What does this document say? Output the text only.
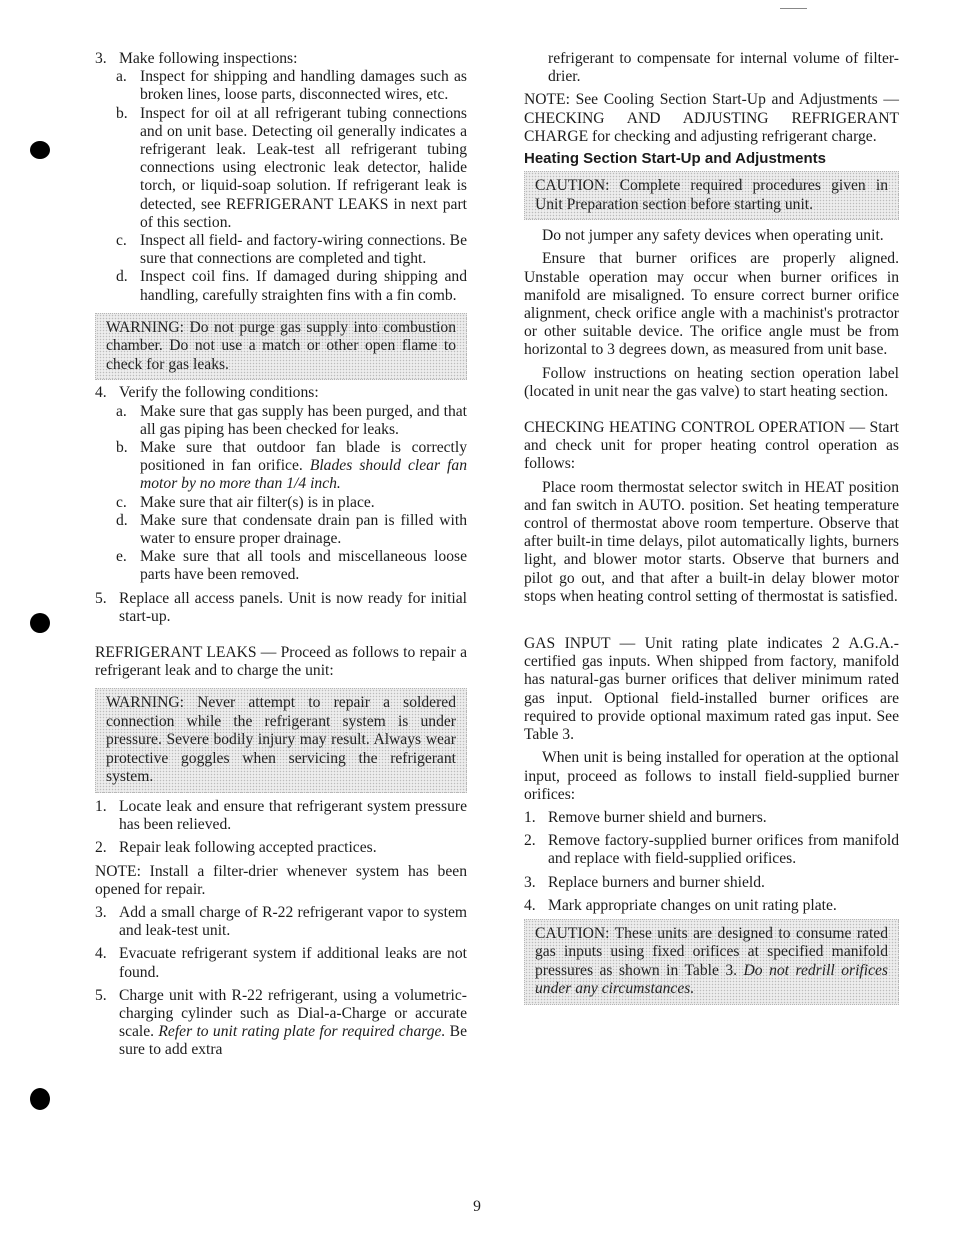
3. Make following inspections:
a. Inspect for shipping and handling damages such as broken lines, loose parts, disconnected wires, etc.
b. Inspect for oil at all refrigerant tubing connections and on unit base. Detecting oil generally indicates a refrigerant leak. Leak-test all refrigerant tubing connections using electronic leak detector, halide torch, or liquid-soap solution. If refrigerant leak is detected, see REFRIGERANT LEAKS in next part of this section.
c. Inspect all field- and factory-wiring connections. Be sure that connections are completed and tight.
d. Inspect coil fins. If damaged during shipping and handling, carefully straighten fins with a fin comb.
WARNING: Do not purge gas supply into combustion chamber. Do not use a match or other open flame to check for gas leaks.
4. Verify the following conditions:
a. Make sure that gas supply has been purged, and that all gas piping has been checked for leaks.
b. Make sure that outdoor fan blade is correctly positioned in fan orifice. Blades should clear fan motor by no more than 1/4 inch.
c. Make sure that air filter(s) is in place.
d. Make sure that condensate drain pan is filled with water to ensure proper drainage.
e. Make sure that all tools and miscellaneous loose parts have been removed.
5. Replace all access panels. Unit is now ready for initial start-up.

REFRIGERANT LEAKS — Proceed as follows to repair a refrigerant leak and to charge the unit:

WARNING: Never attempt to repair a soldered connection while the refrigerant system is under pressure. Severe bodily injury may result. Always wear protective goggles when servicing the refrigerant system.
1. Locate leak and ensure that refrigerant system pressure has been relieved.
2. Repair leak following accepted practices.

NOTE: Install a filter-drier whenever system has been opened for repair.

3. Add a small charge of R-22 refrigerant vapor to system and leak-test unit.
4. Evacuate refrigerant system if additional leaks are not found.
5. Charge unit with R-22 refrigerant, using a volumetric-charging cylinder such as Dial-a-Charge or accurate scale. Refer to unit rating plate for required charge. Be sure to add extra

refrigerant to compensate for internal volume of filter-drier.

NOTE: See Cooling Section Start-Up and Adjustments — CHECKING AND ADJUSTING REFRIGERANT CHARGE for checking and adjusting refrigerant charge.

Heating Section Start-Up and Adjustments
CAUTION: Complete required procedures given in Unit Preparation section before starting unit.

Do not jumper any safety devices when operating unit.

Ensure that burner orifices are properly aligned. Unstable operation may occur when burner orifices in manifold are misaligned. To ensure correct burner orifice alignment, check orifice angle with a machinist's protractor or other suitable device. The orifice angle must be from horizontal to 3 degrees down, as measured from unit base.

Follow instructions on heating section operation label (located in unit near the gas valve) to start heating section.

CHECKING HEATING CONTROL OPERATION — Start and check unit for proper heating control operation as follows:

Place room thermostat selector switch in HEAT position and fan switch in AUTO. position. Set heating temperature control of thermostat above room temperture. Observe that after built-in time delays, pilot automatically lights, burners light, and blower motor starts. Observe that burners and pilot go out, and that after a built-in delay blower motor stops when heating control setting of thermostat is satisfied.

GAS INPUT — Unit rating plate indicates 2 A.G.A.-certified gas inputs. When shipped from factory, manifold has natural-gas burner orifices that deliver minimum rated gas input. Optional field-installed burner orifices are required to provide optional maximum rated gas input. See Table 3.

When unit is being installed for operation at the optional input, proceed as follows to install field-supplied burner orifices:

1. Remove burner shield and burners.
2. Remove factory-supplied burner orifices from manifold and replace with field-supplied orifices.
3. Replace burners and burner shield.
4. Mark appropriate changes on unit rating plate.
CAUTION: These units are designed to consume rated gas inputs using fixed orifices at specified manifold pressures as shown in Table 3. Do not redrill orifices under any circumstances.
9
